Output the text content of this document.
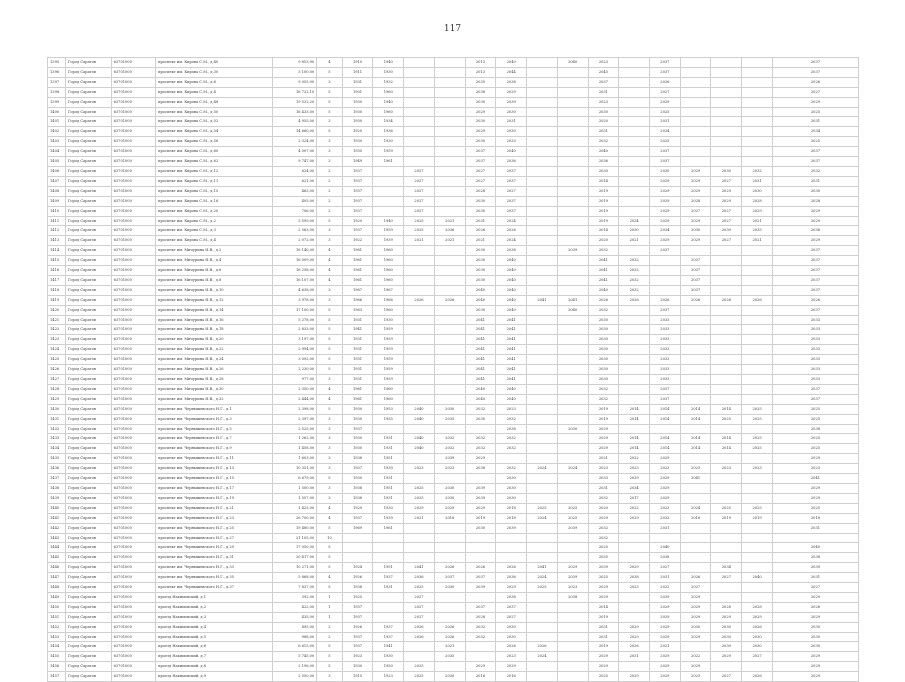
117
1395	Город Саратов	63701000	проспект им. Кирова С.М., д.40	9 853,90	4	1910	1940			2013	2040		2040	2023		2037				2037
1396	Город Саратов	63701000	проспект им. Кирова С.М., д.30	5 100,00	5	1911	1930			2013	2044			2045		2037				2037
1397	Город Саратов	63701000	проспект им. Кирова С.М., д.6	9 055,00	3	1931	1932			2035	2038			2037		2026				2026
1398	Город Саратов	63701000	проспект им. Кирова С.М., д.4	16 722,10	5	1901	1960			2038	2029			2031		2027				2027
1399	Город Саратов	63701000	проспект им. Кирова С.М., д.48	19 522,20	5	1930	1940			2030	2039			2023		2029				2029
1400	Город Саратов	63701000	проспект им. Кирова С.М., д.50	16 433,00	5	1930	1960			2029	2030			2030		2025				2025
1401	Город Саратов	63701000	проспект им. Кирова С.М., д.52	4 955,00	3	1930	1934			2030	2031			2020		2031				2031
1402	Город Саратов	63701000	проспект им. Кирова С.М., д.54	14 660,00	5	1920	1936			2029	2030			2031		2034				2034
1403	Город Саратов	63701000	проспект им. Кирова С.М., д.56	2 324,00	3	1930	1930			2030	2033			2032		2025				2025
1404	Город Саратов	63701000	проспект им. Кирова С.М., д.60	4 007,00	3	1935	1959			2037	2040			2040		2037				2037
1405	Город Саратов	63701000	проспект им. Кирова С.М., д.62	9 747,00	3	1949	1961			2037	2036			2036		2037				2037
1406	Город Саратов	63701000	проспект им. Кирова С.М., д.12	624,00	2	1937		2027		2027	2037			2030		2030	2029	2030	2032	2032
1407	Город Саратов	63701000	проспект им. Кирова С.М., д.11	621,00	2	1937		2027		2027	2037			2014		2029	2029	2027	2031	2031
1408	Город Саратов	63701000	проспект им. Кирова С.М., д.15	463,00	2	1937		2027		2028	2027			2019		2029	2029	2029	2030	2030
1409	Город Саратов	63701000	проспект им. Кирова С.М., д.16	405,00	2	1937		2027		2030	2037			2019		2029	2028	2029	2028	2028
1410	Город Саратов	63701000	проспект им. Кирова С.М., д.20	706,00	2	1937		2027		2030	2037			2019		2029	2027	2027	2029	2029
1411	Город Саратов	63701000	проспект им. Кирова С.М., д.2	5 599,00	5	1920	1940	2025	2021	2031	2024			2019	2024	2029	2029	2027	2021	2029
1412	Город Саратов	63701000	проспект им. Кирова С.М., д.3	2 563,00	3	1937	1959	2025	2036	2026	2026			2014	2030	2034	2030	2030	2035	2036
1413	Город Саратов	63701000	проспект им. Кирова С.М., д.4	2 072,00	3	1922	1939	2021	2021	2021	2024			2020	2021	2029	2029	2027	2021	2029
1414	Город Саратов	63701000	проспект им. Мичурина И.В., д.2	16 140,00	4	1961	1960			2030	2038		2039	2032		2037				2037
1415	Город Саратов	63701000	проспект им. Мичурина И.В., д.4	16 009,00	4	1961	1960			2030	2040			2041	2032		2037			2037
1416	Город Саратов	63701000	проспект им. Мичурина И.В., д.6	16 258,00	4	1961	1960			2030	2040			2041	2032		2037			2037
1417	Город Саратов	63701000	проспект им. Мичурина И.В., д.8	16 107,00	4	1961	1960			2030	2040			2041	2032		2037			2037
1418	Город Саратов	63701000	проспект им. Мичурина И.В., д.10	4 638,00	3	1967	1967			2040	2040			2040	2032		2037			2037
1419	Город Саратов	63701000	проспект им. Мичурина И.В., д.12	3 978,00	3	1966	1966	2026	2026	2040	2040	2041	2041	2026	2026	2026	2026	2026	2026	2026
1420	Город Саратов	63701000	проспект им. Мичурина И.В., д.14	17 100,00	5	1963	1960			2030	2040		2040	2032		2037				2037
1421	Город Саратов	63701000	проспект им. Мичурина И.В., д.16	5 278,00	5	1931	1930			2041	2041			2030		2033				2033
1422	Город Саратов	63701000	проспект им. Мичурина И.В., д.18	2 833,00	5	1941	1959			2041	2041			2030		2033				2033
1423	Город Саратов	63701000	проспект им. Мичурина И.В., д.20	3 197,00	5	1931	1959			2041	2041			2030		2033				2033
1424	Город Саратов	63701000	проспект им. Мичурина И.В., д.22	2 994,00	5	1931	1959			2041	2041			2030		2033				2033
1425	Город Саратов	63701000	проспект им. Мичурина И.В., д.24	3 092,00	5	1931	1959			2041	2041			2030		2033				2033
1426	Город Саратов	63701000	проспект им. Мичурина И.В., д.26	2 230,00	5	1931	1959			2041	2041			2030		2033				2033
1427	Город Саратов	63701000	проспект им. Мичурина И.В., д.28	977,00	3	1931	1959			2041	2041			2030		2033				2033
1428	Город Саратов	63701000	проспект им. Мичурина И.В., д.30	2 350,00	4	1961	1960			2040	2040			2032		2037				2037
1429	Город Саратов	63701000	проспект им. Мичурина И.В., д.32	2 444,00	4	1961	1960			2040	2040			2032		2037				2037
1430	Город Саратов	63701000	проспект им. Чернышевского Н.Г., д.1	2 398,00	5	1930	1953	2040	2030	2032	2023			2019	2014	2014	2014	2014	2025	2025
1431	Город Саратов	63701000	проспект им. Чернышевского Н.Г., д.3	2 397,00	3	1930	1955	2040	2035	2030	2032			2019	2014	2014	2014	2025	2025	2025
1432	Город Саратов	63701000	проспект им. Чернышевского Н.Г., д.5	2 525,00	3	1937					2038		2030	2029						2038
1433	Город Саратов	63701000	проспект им. Чернышевского Н.Г., д.7	1 262,00	3	1930	1931	2040	2032	2032	2032			2029	2014	2014	2014	2014	2025	2025
1434	Город Саратов	63701000	проспект им. Чернышевского Н.Г., д.9	1 458,00	3	1930	1931	2040	2032	2032	2032			2029	2014	2014	2014	2014	2025	2025
1435	Город Саратов	63701000	проспект им. Чернышевского Н.Г., д.11	1 603,00	3	1938	1951		2039	2029				2021	2022	2029				2029
1436	Город Саратов	63701000	проспект им. Чернышевского Н.Г., д.13	10 351,00	3	1937	1939	2023	2023	2038	2032	2024	2024	2023	2023	2023	2023	2023	2023	2023
1437	Город Саратов	63701000	проспект им. Чернышевского Н.Г., д.15	6 679,00	5	1930	1931				2030			2033	2039	2029	2041			2041
1438	Город Саратов	63701000	проспект им. Чернышевского Н.Г., д.17	1 500,00	3	1938	1951	2025	2030	2039	2030			2031	2034	2029				2029
1439	Город Саратов	63701000	проспект им. Чернышевского Н.Г., д.19	1 557,00	3	1938	1931	2025	2030	2039	2030			2032	2017	2029				2029
1440	Город Саратов	63701000	проспект им. Чернышевского Н.Г., д.21	1 425,00	4	1929	1930	2029	2029	2029	2018	2025	2025	2020	2022	2023	2024	2025	2025	2025
1441	Город Саратов	63701000	проспект им. Чернышевского Н.Г., д.23	26 700,00	4	1937	1939	2021	2018	2019	2018	2024	2025	2029	2029	2032	2016	2019	2019	2018
1442	Город Саратов	63701000	проспект им. Чернышевского Н.Г., д.25	19 480,00	5	1969	1961			2030	2039		2039	2032		2031				2031
1443	Город Саратов	63701000	проспект им. Чернышевского Н.Г., д.27	21 105,00	10									2032						
1444	Город Саратов	63701000	проспект им. Чернышевского Н.Г., д.29	17 050,00	5									2025		2040				2040
1445	Город Саратов	63701000	проспект им. Чернышевского Н.Г., д.31	20 417,00	5									2035		2038				2038
1446	Город Саратов	63701000	проспект им. Чернышевского Н.Г., д.33	10 271,00	5	1924	1951	2041	2026	2026	2026	2041	2029	2039	2029	2027		2034		2039
1447	Город Саратов	63701000	проспект им. Чернышевского Н.Г., д.35	5 868,00	4	1926	1937	2036	2037	2037	2036	2024	2039	2025	2038	2031	2026	2027	2040	2031
1448	Город Саратов	63701000	проспект им. Чернышевского Н.Г., д.37	7 837,00	5	1938	1931	2025	2030	2039	2029	2025	2023	2029	2023	2022	2027			2027
1449	Город Саратов	63701000	проезд Нахимовский, д.1	392,00	1	1925		2027			2038		2038	2029		2039	2029			2029
1450	Город Саратов	63701000	проезд Нахимовский, д.2	422,00	1	1937		2027		2037	2037			2014		2029	2029	2028	2028	2028
1451	Город Саратов	63701000	проезд Нахимовский, д.3	435,00	1	1937		2027		2028	2027			2019		2029	2029	2029	2029	2029
1452	Город Саратов	63701000	проезд Нахимовский, д.4	895,00	2	1926	1937	2026	2026	2032	2030			2031	2029	2029	2030	2030	2026	2030
1453	Город Саратов	63701000	проезд Нахимовский, д.5	988,00	2	1937	1937	2026	2026	2032	2030			2031	2029	2029	2029	2030	2030	2030
1454	Город Саратов	63701000	проезд Нахимовский, д.6	6 615,00	5	1937	1941		2021		2026	2026		2019	2026	2021		2030	2030	2030
1455	Город Саратов	63701000	проезд Нахимовский, д.7	5 745,00	5	1923	1930		2035		2023	2024		2029	2031	2029	2022	2029	2027	2029
1456	Город Саратов	63701000	проезд Нахимовский, д.8	2 196,00	5	1930	1950	2025		2029	2029			2029		2029	2029			2029
1457	Город Саратов	63701000	проезд Нахимовский, д.9	2 550,00	3	1915	1923	2025	2030	2016	2016			2025	2029	2029	2023	2027	2026	2029
